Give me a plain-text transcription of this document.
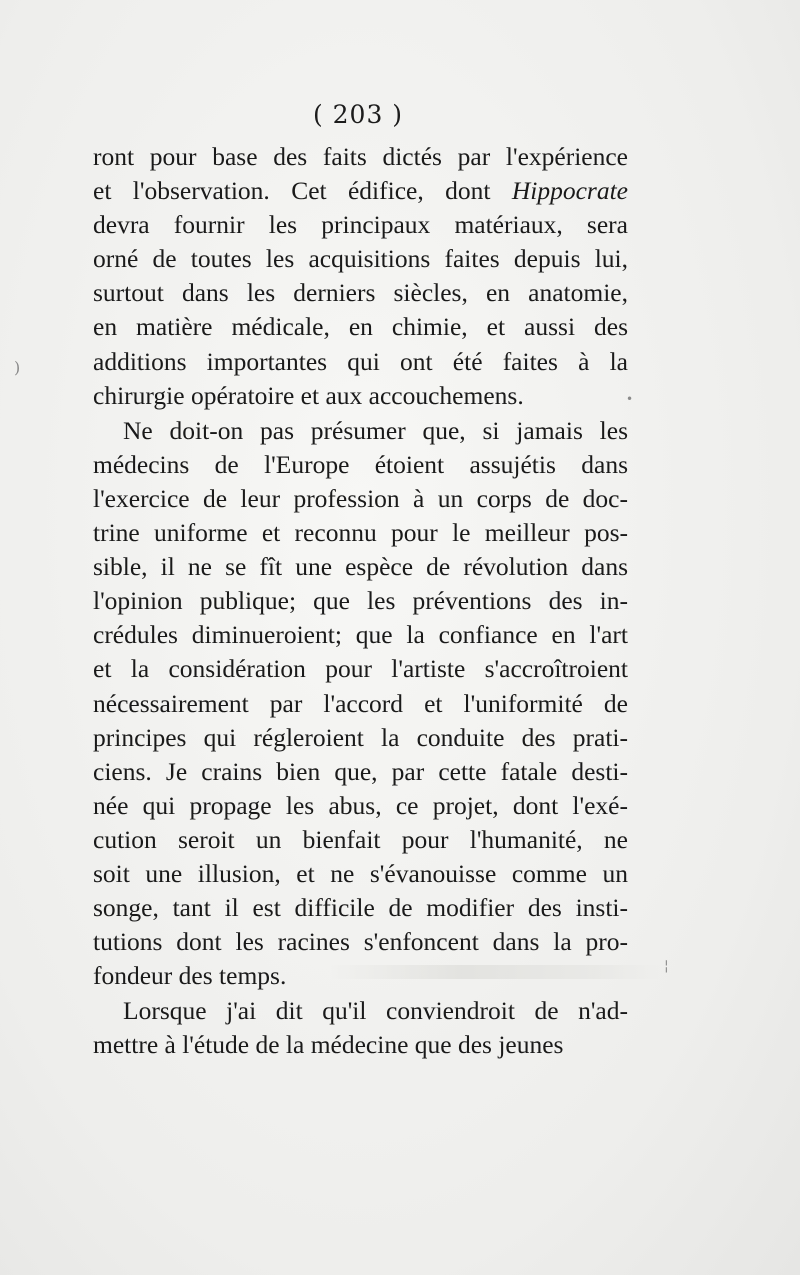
)
•
¦
( 203 )
ront pour base des faits dictés par l'expérience
et l'observation. Cet édifice, dont Hippocrate
devra fournir les principaux matériaux, sera
orné de toutes les acquisitions faites depuis lui,
surtout dans les derniers siècles, en anatomie,
en matière médicale, en chimie, et aussi des
additions importantes qui ont été faites à la
chirurgie opératoire et aux accouchemens.
Ne doit-on pas présumer que, si jamais les
médecins de l'Europe étoient assujétis dans
l'exercice de leur profession à un corps de doc-
trine uniforme et reconnu pour le meilleur pos-
sible, il ne se fît une espèce de révolution dans
l'opinion publique; que les préventions des in-
crédules diminueroient; que la confiance en l'art
et la considération pour l'artiste s'accroîtroient
nécessairement par l'accord et l'uniformité de
principes qui régleroient la conduite des prati-
ciens. Je crains bien que, par cette fatale desti-
née qui propage les abus, ce projet, dont l'exé-
cution seroit un bienfait pour l'humanité, ne
soit une illusion, et ne s'évanouisse comme un
songe, tant il est difficile de modifier des insti-
tutions dont les racines s'enfoncent dans la pro-
fondeur des temps.
Lorsque j'ai dit qu'il conviendroit de n'ad-
mettre à l'étude de la médecine que des jeunes
